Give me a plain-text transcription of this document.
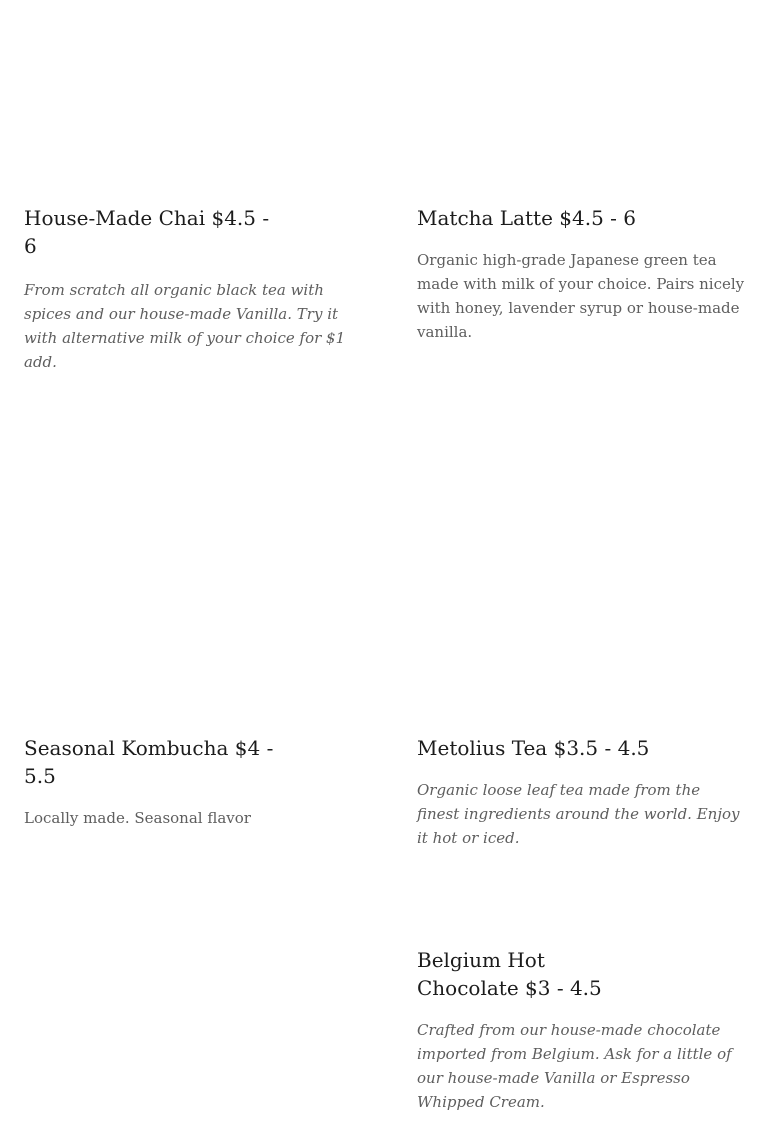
House-Made Chai $4.5 - 6

From scratch all organic black tea with spices and our house-made Vanilla. Try it with alternative milk of your choice for $1 add.

Matcha Latte $4.5 - 6

Organic high-grade Japanese green tea made with milk of your choice. Pairs nicely with honey, lavender syrup or house-made vanilla.

Seasonal Kombucha $4 - 5.5

Locally made. Seasonal flavor

Metolius Tea $3.5 - 4.5

Organic loose leaf tea made from the finest ingredients around the world. Enjoy it hot or iced.

Belgium Hot Chocolate $3 - 4.5

Crafted from our house-made chocolate imported from Belgium. Ask for a little of our house-made Vanilla or Espresso Whipped Cream.
